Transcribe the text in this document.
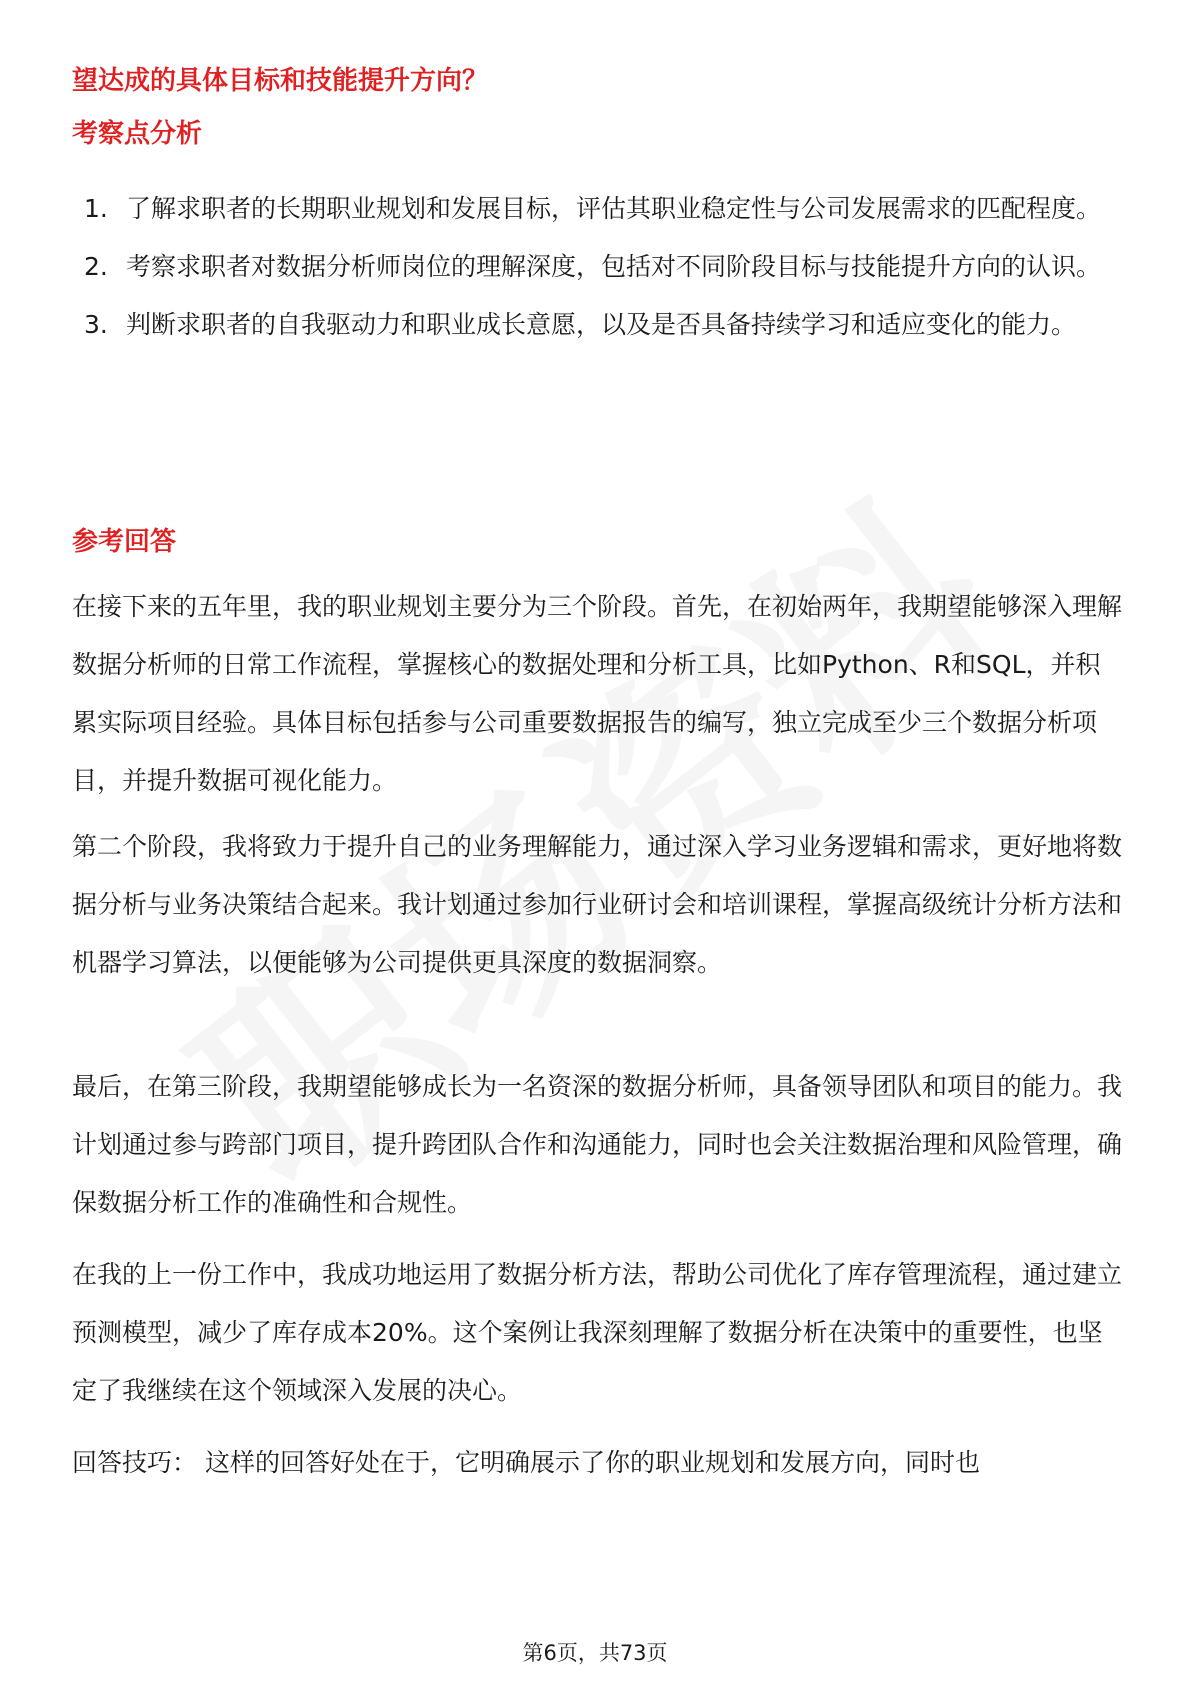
望达成的具体目标和技能提升方向？
考察点分析
1. 了解求职者的长期职业规划和发展目标，评估其职业稳定性与公司发展需求的匹配程度。
2. 考察求职者对数据分析师岗位的理解深度，包括对不同阶段目标与技能提升方向的认识。
3. 判断求职者的自我驱动力和职业成长意愿，以及是否具备持续学习和适应变化的能力。
参考回答
在接下来的五年里，我的职业规划主要分为三个阶段。首先，在初始两年，我期望能够深入理解数据分析师的日常工作流程，掌握核心的数据处理和分析工具，比如Python、R和SQL，并积累实际项目经验。具体目标包括参与公司重要数据报告的编写，独立完成至少三个数据分析项目，并提升数据可视化能力。
第二个阶段，我将致力于提升自己的业务理解能力，通过深入学习业务逻辑和需求，更好地将数据分析与业务决策结合起来。我计划通过参加行业研讨会和培训课程，掌握高级统计分析方法和机器学习算法，以便能够为公司提供更具深度的数据洞察。
最后，在第三阶段，我期望能够成长为一名资深的数据分析师，具备领导团队和项目的能力。我计划通过参与跨部门项目，提升跨团队合作和沟通能力，同时也会关注数据治理和风险管理，确保数据分析工作的准确性和合规性。
在我的上一份工作中，我成功地运用了数据分析方法，帮助公司优化了库存管理流程，通过建立预测模型，减少了库存成本20%。这个案例让我深刻理解了数据分析在决策中的重要性，也坚定了我继续在这个领域深入发展的决心。
回答技巧： 这样的回答好处在于，它明确展示了你的职业规划和发展方向，同时也
第6页，共73页
